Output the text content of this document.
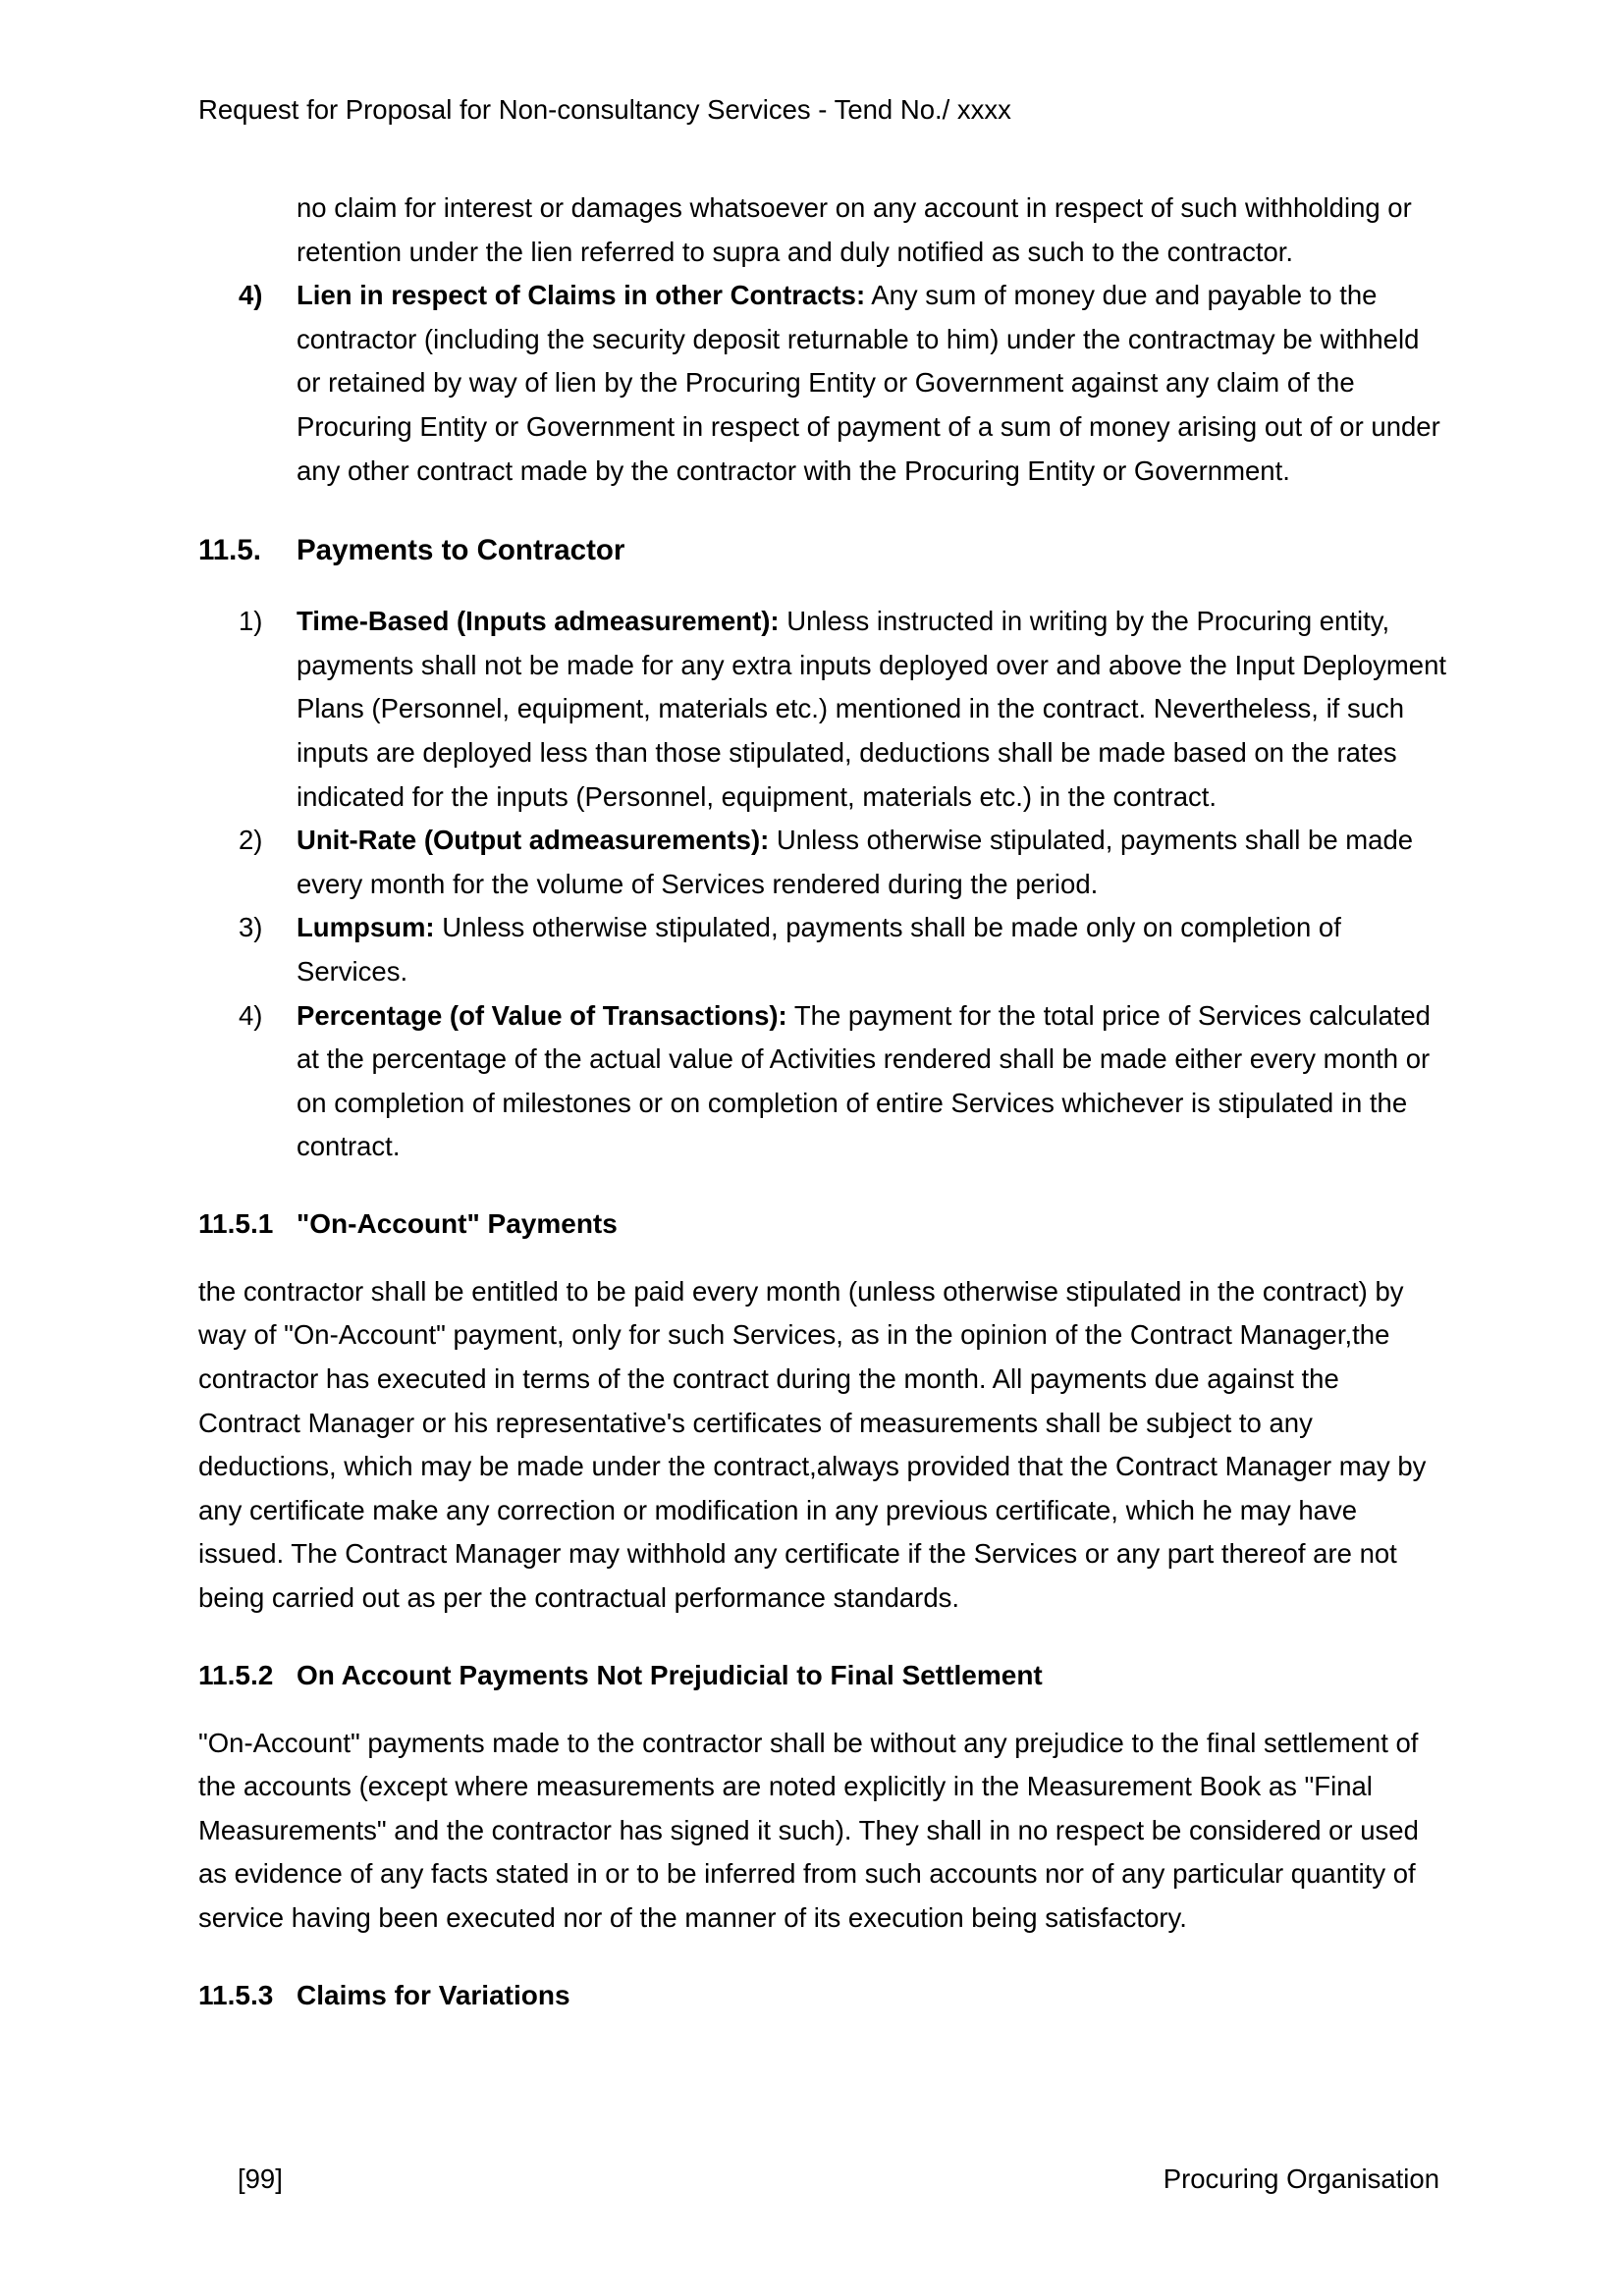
Request for Proposal for Non-consultancy Services - Tend No./ xxxx

no claim for interest or damages whatsoever on any account in respect of such withholding or retention under the lien referred to supra and duly notified as such to the contractor.

4)	Lien in respect of Claims in other Contracts: Any sum of money due and payable to the contractor (including the security deposit returnable to him) under the contractmay be withheld or retained by way of lien by the Procuring Entity or Government against any claim of the Procuring Entity or Government in respect of payment of a sum of money arising out of or under any other contract made by the contractor with the Procuring Entity or Government.

11.5.	Payments to Contractor
1)	Time-Based (Inputs admeasurement): Unless instructed in writing by the Procuring entity, payments shall not be made for any extra inputs deployed over and above the Input Deployment Plans (Personnel, equipment, materials etc.) mentioned in the contract. Nevertheless, if such inputs are deployed less than those stipulated, deductions shall be made based on the rates indicated for the inputs (Personnel, equipment, materials etc.) in the contract.

2)	Unit-Rate (Output admeasurements): Unless otherwise stipulated, payments shall be made every month for the volume of Services rendered during the period.

3)	Lumpsum: Unless otherwise stipulated, payments shall be made only on completion of Services.

4)	Percentage (of Value of Transactions): The payment for the total price of Services calculated at the percentage of the actual value of Activities rendered shall be made either every month or on completion of milestones or on completion of entire Services whichever is stipulated in the contract.

11.5.1 "On-Account" Payments

the contractor shall be entitled to be paid every month (unless otherwise stipulated in the contract) by way of "On-Account" payment, only for such Services, as in the opinion of the Contract Manager,the contractor has executed in terms of the contract during the month. All payments due against the Contract Manager or his representative's certificates of measurements shall be subject to any deductions, which may be made under the contract,always provided that the Contract Manager may by any certificate make any correction or modification in any previous certificate, which he may have issued. The Contract Manager may withhold any certificate if the Services or any part thereof are not being carried out as per the contractual performance standards.

11.5.2 On Account Payments Not Prejudicial to Final Settlement

"On-Account" payments made to the contractor shall be without any prejudice to the final settlement of the accounts (except where measurements are noted explicitly in the Measurement Book as "Final Measurements" and the contractor has signed it such). They shall in no respect be considered or used as evidence of any facts stated in or to be inferred from such accounts nor of any particular quantity of service having been executed nor of the manner of its execution being satisfactory.

11.5.3 Claims for Variations
[99]	Procuring Organisation
